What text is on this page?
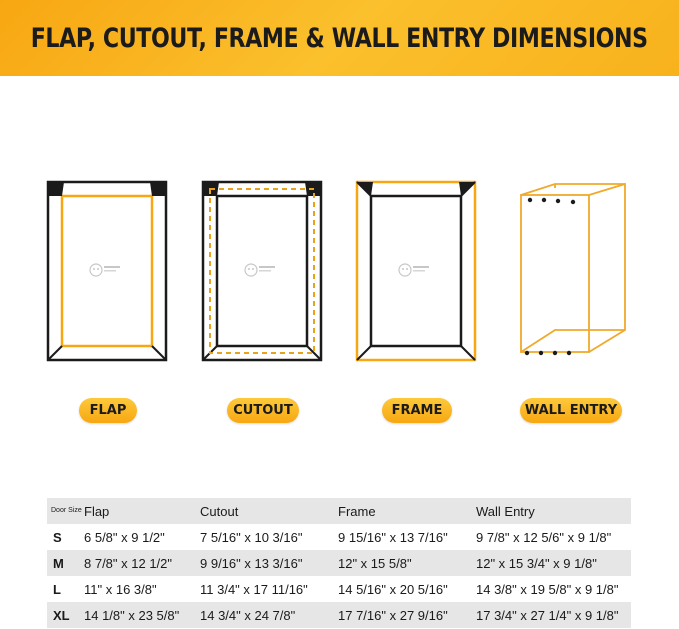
FLAP, CUTOUT, FRAME & WALL ENTRY DIMENSIONS
FLAP	CUTOUT	FRAME	WALL ENTRY
Door Size	Flap	Cutout	Frame	Wall Entry
S	6 5/8" x 9 1/2"	7 5/16" x 10 3/16"	9 15/16" x 13 7/16"	9 7/8" x 12 5/6" x 9 1/8"
M	8 7/8" x 12 1/2"	9 9/16" x 13 3/16"	12" x 15 5/8"	12" x 15 3/4" x 9 1/8"
L	11" x 16 3/8"	11 3/4" x 17 11/16"	14 5/16" x 20 5/16"	14 3/8" x 19 5/8" x 9 1/8"
XL	14 1/8" x 23 5/8"	14 3/4" x 24 7/8"	17 7/16" x 27 9/16"	17 3/4" x 27 1/4" x 9 1/8"
